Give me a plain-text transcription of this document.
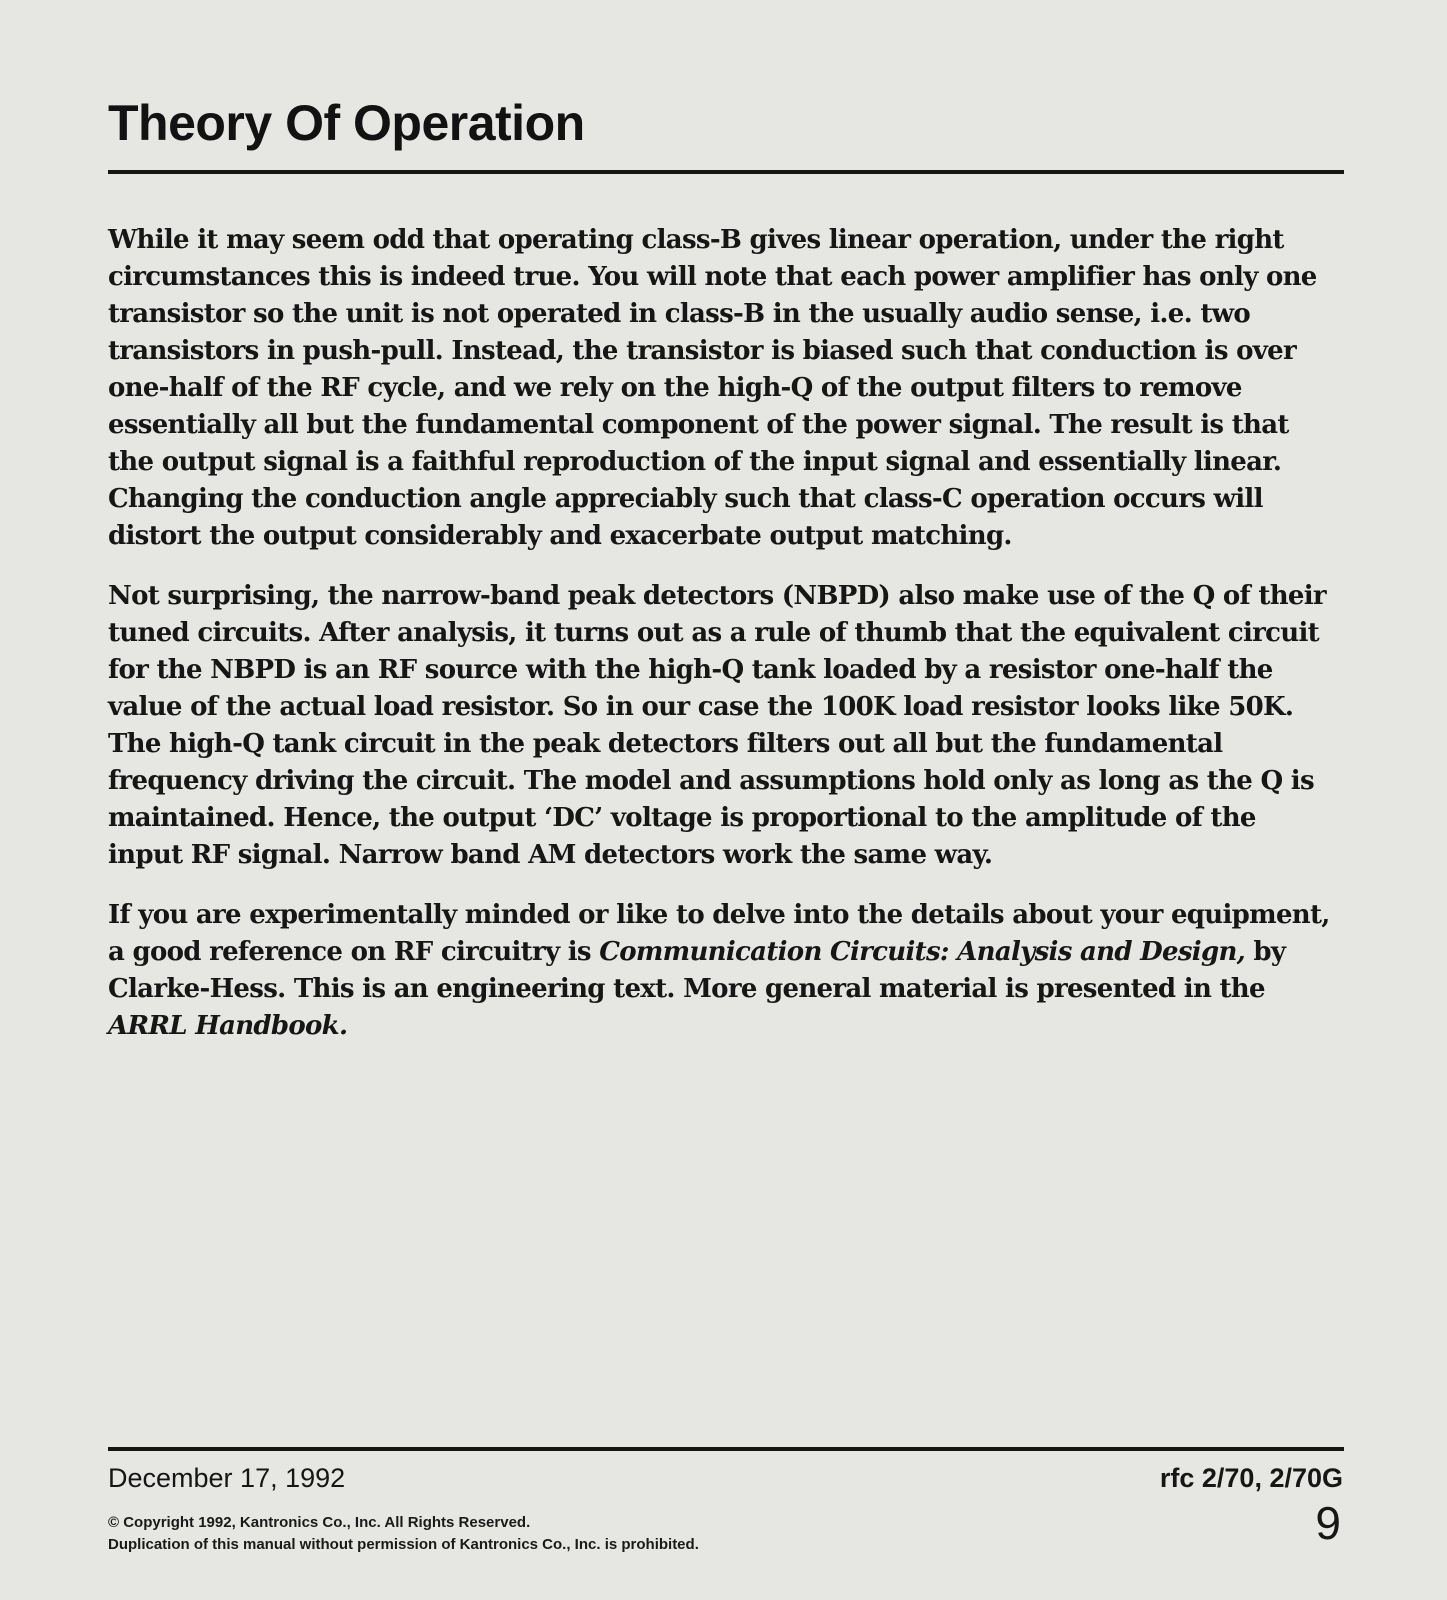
Theory Of Operation

While it may seem odd that operating class-B gives linear operation, under the right circumstances this is indeed true. You will note that each power amplifier has only one transistor so the unit is not operated in class-B in the usually audio sense, i.e. two transistors in push-pull. Instead, the transistor is biased such that conduction is over one-half of the RF cycle, and we rely on the high-Q of the output filters to remove essentially all but the fundamental component of the power signal. The result is that the output signal is a faithful reproduction of the input signal and essentially linear. Changing the conduction angle appreciably such that class-C operation occurs will distort the output considerably and exacerbate output matching.

Not surprising, the narrow-band peak detectors (NBPD) also make use of the Q of their tuned circuits. After analysis, it turns out as a rule of thumb that the equivalent circuit for the NBPD is an RF source with the high-Q tank loaded by a resistor one-half the value of the actual load resistor. So in our case the 100K load resistor looks like 50K. The high-Q tank circuit in the peak detectors filters out all but the fundamental frequency driving the circuit. The model and assumptions hold only as long as the Q is maintained. Hence, the output ‘DC’ voltage is proportional to the amplitude of the input RF signal. Narrow band AM detectors work the same way.

If you are experimentally minded or like to delve into the details about your equipment, a good reference on RF circuitry is Communication Circuits: Analysis and Design, by Clarke-Hess. This is an engineering text. More general material is presented in the ARRL Handbook.

December 17, 1992	rfc 2/70, 2/70G
© Copyright 1992, Kantronics Co., Inc. All Rights Reserved.
Duplication of this manual without permission of Kantronics Co., Inc. is prohibited.	9
